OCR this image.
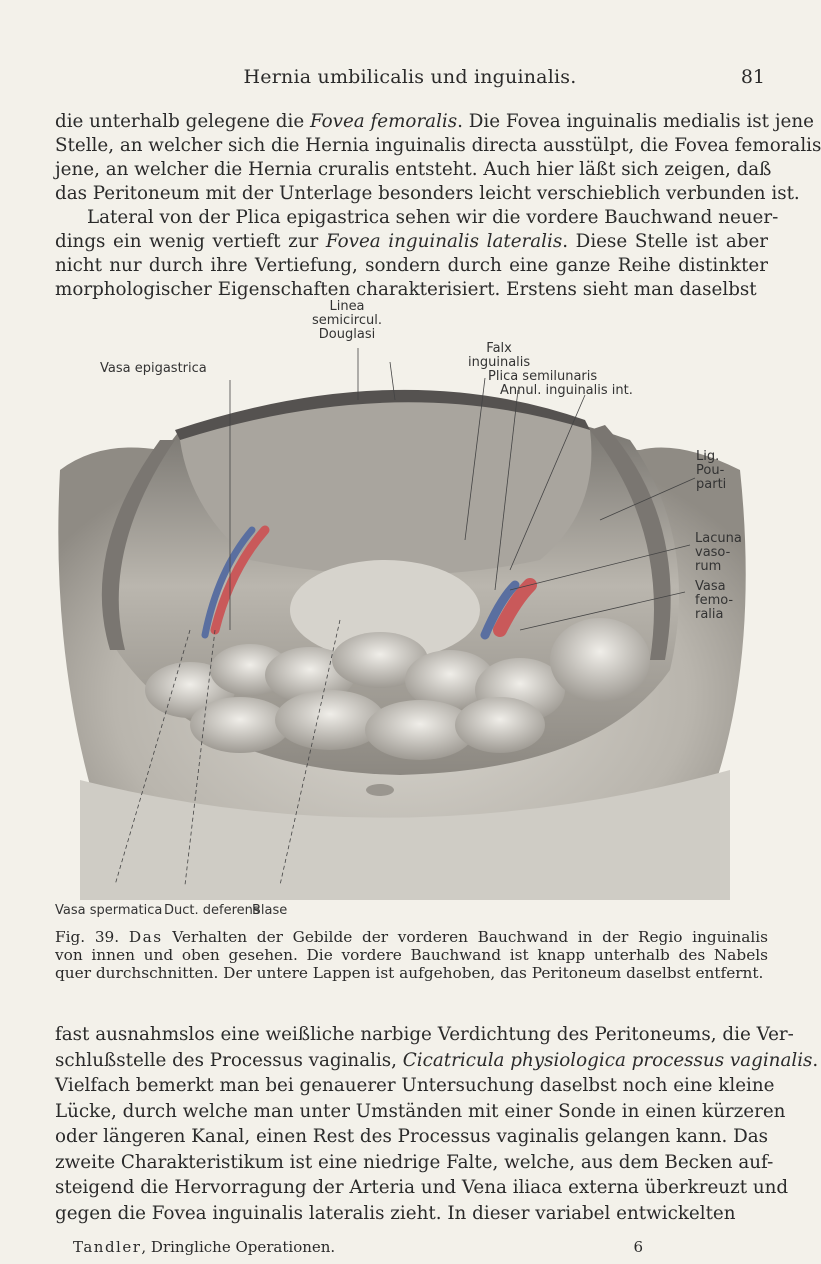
Hernia umbilicalis und inguinalis.	81
die unterhalb gelegene die Fovea femoralis. Die Fovea inguinalis medialis ist jene
Stelle, an welcher sich die Hernia inguinalis directa ausstülpt, die Fovea femoralis
jene, an welcher die Hernia cruralis entsteht. Auch hier läßt sich zeigen, daß
das Peritoneum mit der Unterlage besonders leicht verschieblich verbunden ist.
Lateral von der Plica epigastrica sehen wir die vordere Bauchwand neuer-
dings ein wenig vertieft zur Fovea inguinalis lateralis. Diese Stelle ist aber
nicht nur durch ihre Vertiefung, sondern durch eine ganze Reihe distinkter
morphologischer Eigenschaften charakterisiert. Erstens sieht man daselbst
Linea
semicircul.
Douglasi
Falx
inguinalis
Vasa epigastrica
Plica semilunaris
Annul. inguinalis int.
Lig.
Pou-
parti
Lacuna
vaso-
rum
Vasa
femo-
ralia
Vasa spermatica Duct. deferens
Blase
Fig. 39. Das Verhalten der Gebilde der vorderen Bauchwand in der Regio inguinalis
von innen und oben gesehen. Die vordere Bauchwand ist knapp unterhalb des Nabels
quer durchschnitten. Der untere Lappen ist aufgehoben, das Peritoneum daselbst entfernt.
fast ausnahmslos eine weißliche narbige Verdichtung des Peritoneums, die Ver-
schlußstelle des Processus vaginalis, Cicatricula physiologica processus vaginalis.
Vielfach bemerkt man bei genauerer Untersuchung daselbst noch eine kleine
Lücke, durch welche man unter Umständen mit einer Sonde in einen kürzeren
oder längeren Kanal, einen Rest des Processus vaginalis gelangen kann. Das
zweite Charakteristikum ist eine niedrige Falte, welche, aus dem Becken auf-
steigend die Hervorragung der Arteria und Vena iliaca externa überkreuzt und
gegen die Fovea inguinalis lateralis zieht. In dieser variabel entwickelten
Tandler, Dringliche Operationen.	6
